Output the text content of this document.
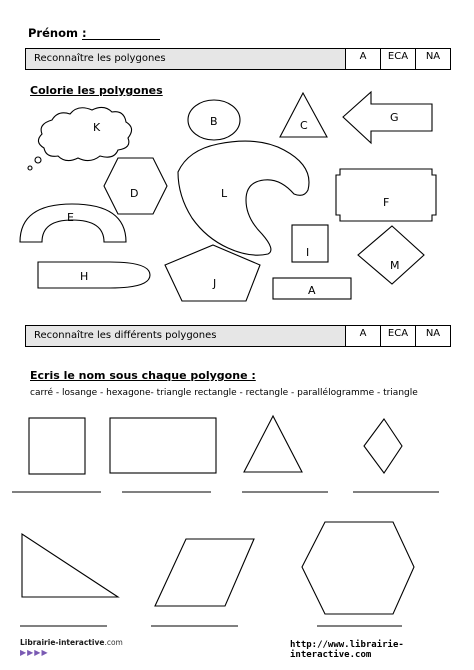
Prénom :
Reconnaître les polygones	A	ECA	NA
Colorie les polygones
K	B	C
G
D	L
F
E
I
M
H
J
A
Reconnaître les différents polygones	A	ECA	NA
Ecris le nom sous chaque polygone :
carré - losange - hexagone- triangle rectangle - rectangle - parallélogramme - triangle
Librairie-interactive.com
▶▶▶▶
http://www.librairie-interactive.com
